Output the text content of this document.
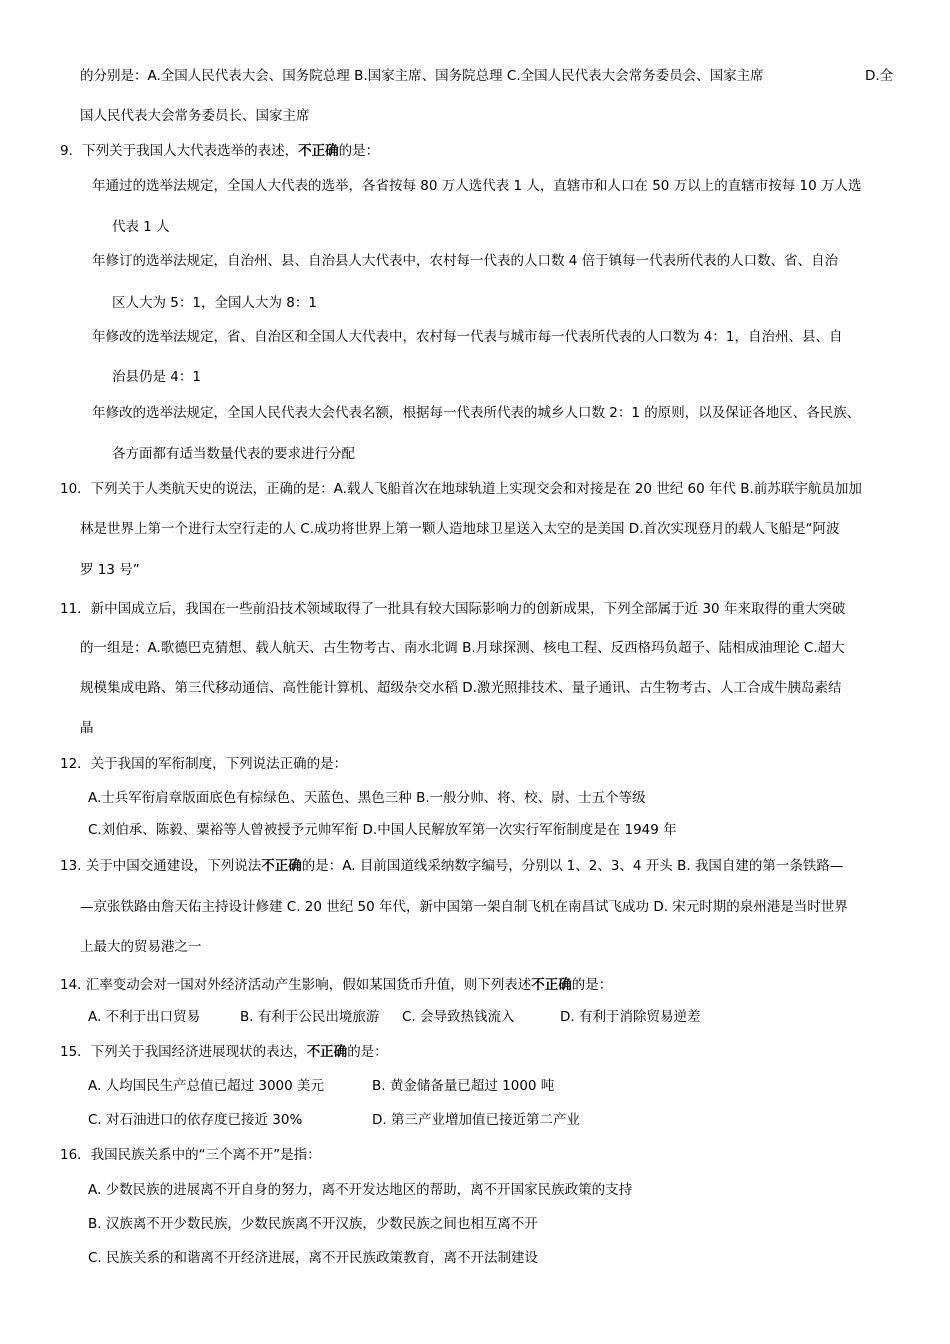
的分别是：A.全国人民代表大会、国务院总理 B.国家主席、国务院总理 C.全国人民代表大会常务委员会、国家主席	D.全
国人民代表大会常务委员长、国家主席
9．下列关于我国人大代表选举的表述，不正确的是：
年通过的选举法规定，全国人大代表的选举，各省按每 80 万人选代表 1 人，直辖市和人口在 50 万以上的直辖市按每 10 万人选
代表 1 人
年修订的选举法规定，自治州、县、自治县人大代表中，农村每一代表的人口数 4 倍于镇每一代表所代表的人口数、省、自治
区人大为 5：1，全国人大为 8：1
年修改的选举法规定，省、自治区和全国人大代表中，农村每一代表与城市每一代表所代表的人口数为 4：1，自治州、县、自
治县仍是 4：1
年修改的选举法规定，全国人民代表大会代表名额，根据每一代表所代表的城乡人口数 2：1 的原则，以及保证各地区、各民族、
各方面都有适当数量代表的要求进行分配
10．下列关于人类航天史的说法，正确的是：A.载人飞船首次在地球轨道上实现交会和对接是在 20 世纪 60 年代 B.前苏联宇航员加加
林是世界上第一个进行太空行走的人 C.成功将世界上第一颗人造地球卫星送入太空的是美国 D.首次实现登月的载人飞船是“阿波
罗 13 号”
11．新中国成立后，我国在一些前沿技术领域取得了一批具有较大国际影响力的创新成果，下列全部属于近 30 年来取得的重大突破
的一组是：A.歌德巴克猜想、载人航天、古生物考古、南水北调 B.月球探测、核电工程、反西格玛负超子、陆相成油理论 C.超大
规模集成电路、第三代移动通信、高性能计算机、超级杂交水稻 D.激光照排技术、量子通讯、古生物考古、人工合成牛胰岛素结
晶
12．关于我国的军衔制度，下列说法正确的是：
A.士兵军衔肩章版面底色有棕绿色、天蓝色、黑色三种 B.一般分帅、将、校、尉、士五个等级
C.刘伯承、陈毅、粟裕等人曾被授予元帅军衔 D.中国人民解放军第一次实行军衔制度是在 1949 年
13. 关于中国交通建设，下列说法不正确的是：A. 目前国道线采纳数字编号，分别以 1、2、3、4 开头 B. 我国自建的第一条铁路—
—京张铁路由詹天佑主持设计修建 C. 20 世纪 50 年代，新中国第一架自制飞机在南昌试飞成功 D. 宋元时期的泉州港是当时世界
上最大的贸易港之一
14. 汇率变动会对一国对外经济活动产生影响，假如某国货币升值，则下列表述不正确的是：
A. 不利于出口贸易	B. 有利于公民出境旅游 C. 会导致热钱流入	D. 有利于消除贸易逆差
15．下列关于我国经济进展现状的表达，不正确的是：
A. 人均国民生产总值已超过 3000 美元	B. 黄金储备量已超过 1000 吨
C. 对石油进口的依存度已接近 30%	D. 第三产业增加值已接近第二产业
16．我国民族关系中的“三个离不开”是指：
A. 少数民族的进展离不开自身的努力，离不开发达地区的帮助，离不开国家民族政策的支持
B. 汉族离不开少数民族，少数民族离不开汉族，少数民族之间也相互离不开
C. 民族关系的和谐离不开经济进展，离不开民族政策教育，离不开法制建设
